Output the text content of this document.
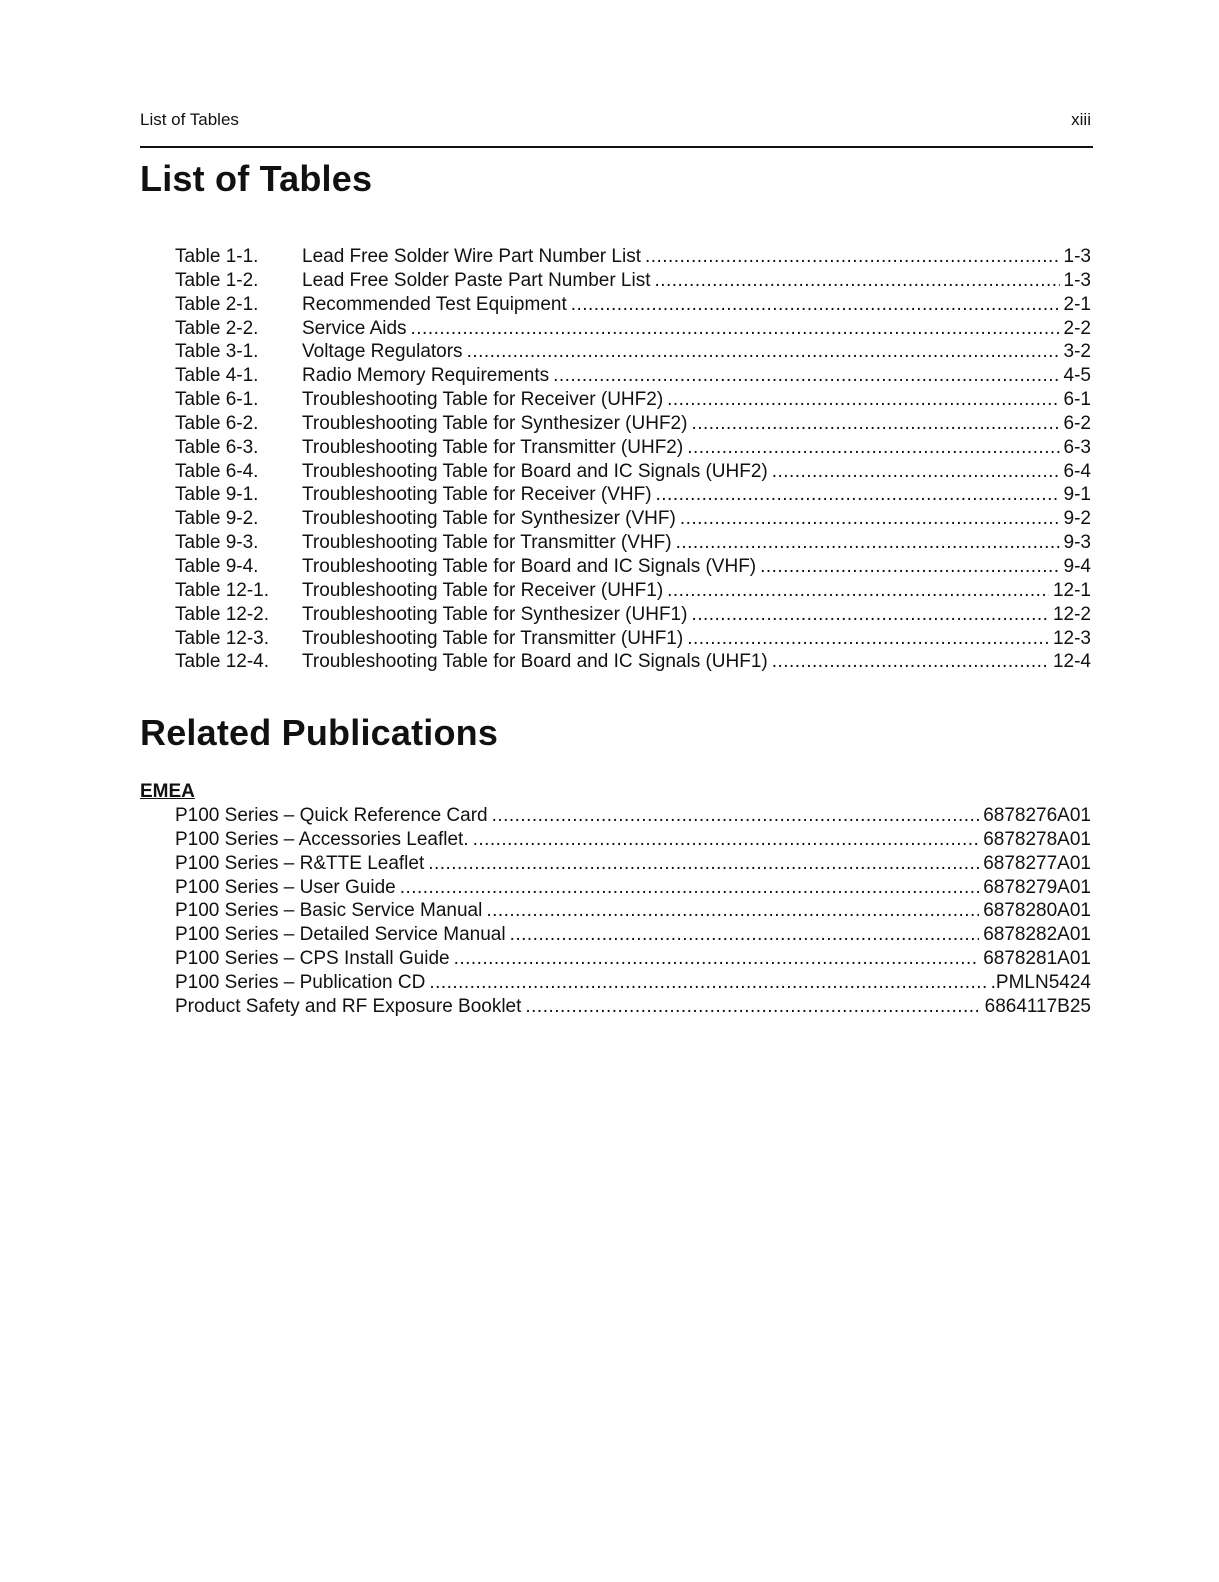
List of Tables	xiii
List of Tables
Table 1-1.	Lead Free Solder Wire Part Number List . . .	1-3
Table 1-2.	Lead Free Solder Paste Part Number List . . .	1-3
Table 2-1.	Recommended Test Equipment . . .	2-1
Table 2-2.	Service Aids . . .	2-2
Table 3-1.	Voltage Regulators . . .	3-2
Table 4-1.	Radio Memory Requirements . . .	4-5
Table 6-1.	Troubleshooting Table for Receiver (UHF2) . . .	6-1
Table 6-2.	Troubleshooting Table for Synthesizer (UHF2) . . .	6-2
Table 6-3.	Troubleshooting Table for Transmitter (UHF2) . . .	6-3
Table 6-4.	Troubleshooting Table for Board and IC Signals (UHF2) . . .	6-4
Table 9-1.	Troubleshooting Table for Receiver (VHF) . . .	9-1
Table 9-2.	Troubleshooting Table for Synthesizer (VHF) . . .	9-2
Table 9-3.	Troubleshooting Table for Transmitter (VHF) . . .	9-3
Table 9-4.	Troubleshooting Table for Board and IC Signals (VHF) . . .	9-4
Table 12-1.	Troubleshooting Table for Receiver (UHF1) . . .	12-1
Table 12-2.	Troubleshooting Table for Synthesizer (UHF1) . . .	12-2
Table 12-3.	Troubleshooting Table for Transmitter (UHF1) . . .	12-3
Table 12-4.	Troubleshooting Table for Board and IC Signals (UHF1) . . .	12-4
Related Publications

EMEA

P100 Series – Quick Reference Card . . .	6878276A01
P100 Series – Accessories Leaflet. . . .	6878278A01
P100 Series – R&TTE Leaflet . . .	6878277A01
P100 Series – User Guide . . .	6878279A01
P100 Series – Basic Service Manual . . .	6878280A01
P100 Series – Detailed Service Manual . . .	6878282A01
P100 Series – CPS Install Guide . . .	6878281A01
P100 Series – Publication CD . . .	.PMLN5424
Product Safety and RF Exposure Booklet . . .	6864117B25
